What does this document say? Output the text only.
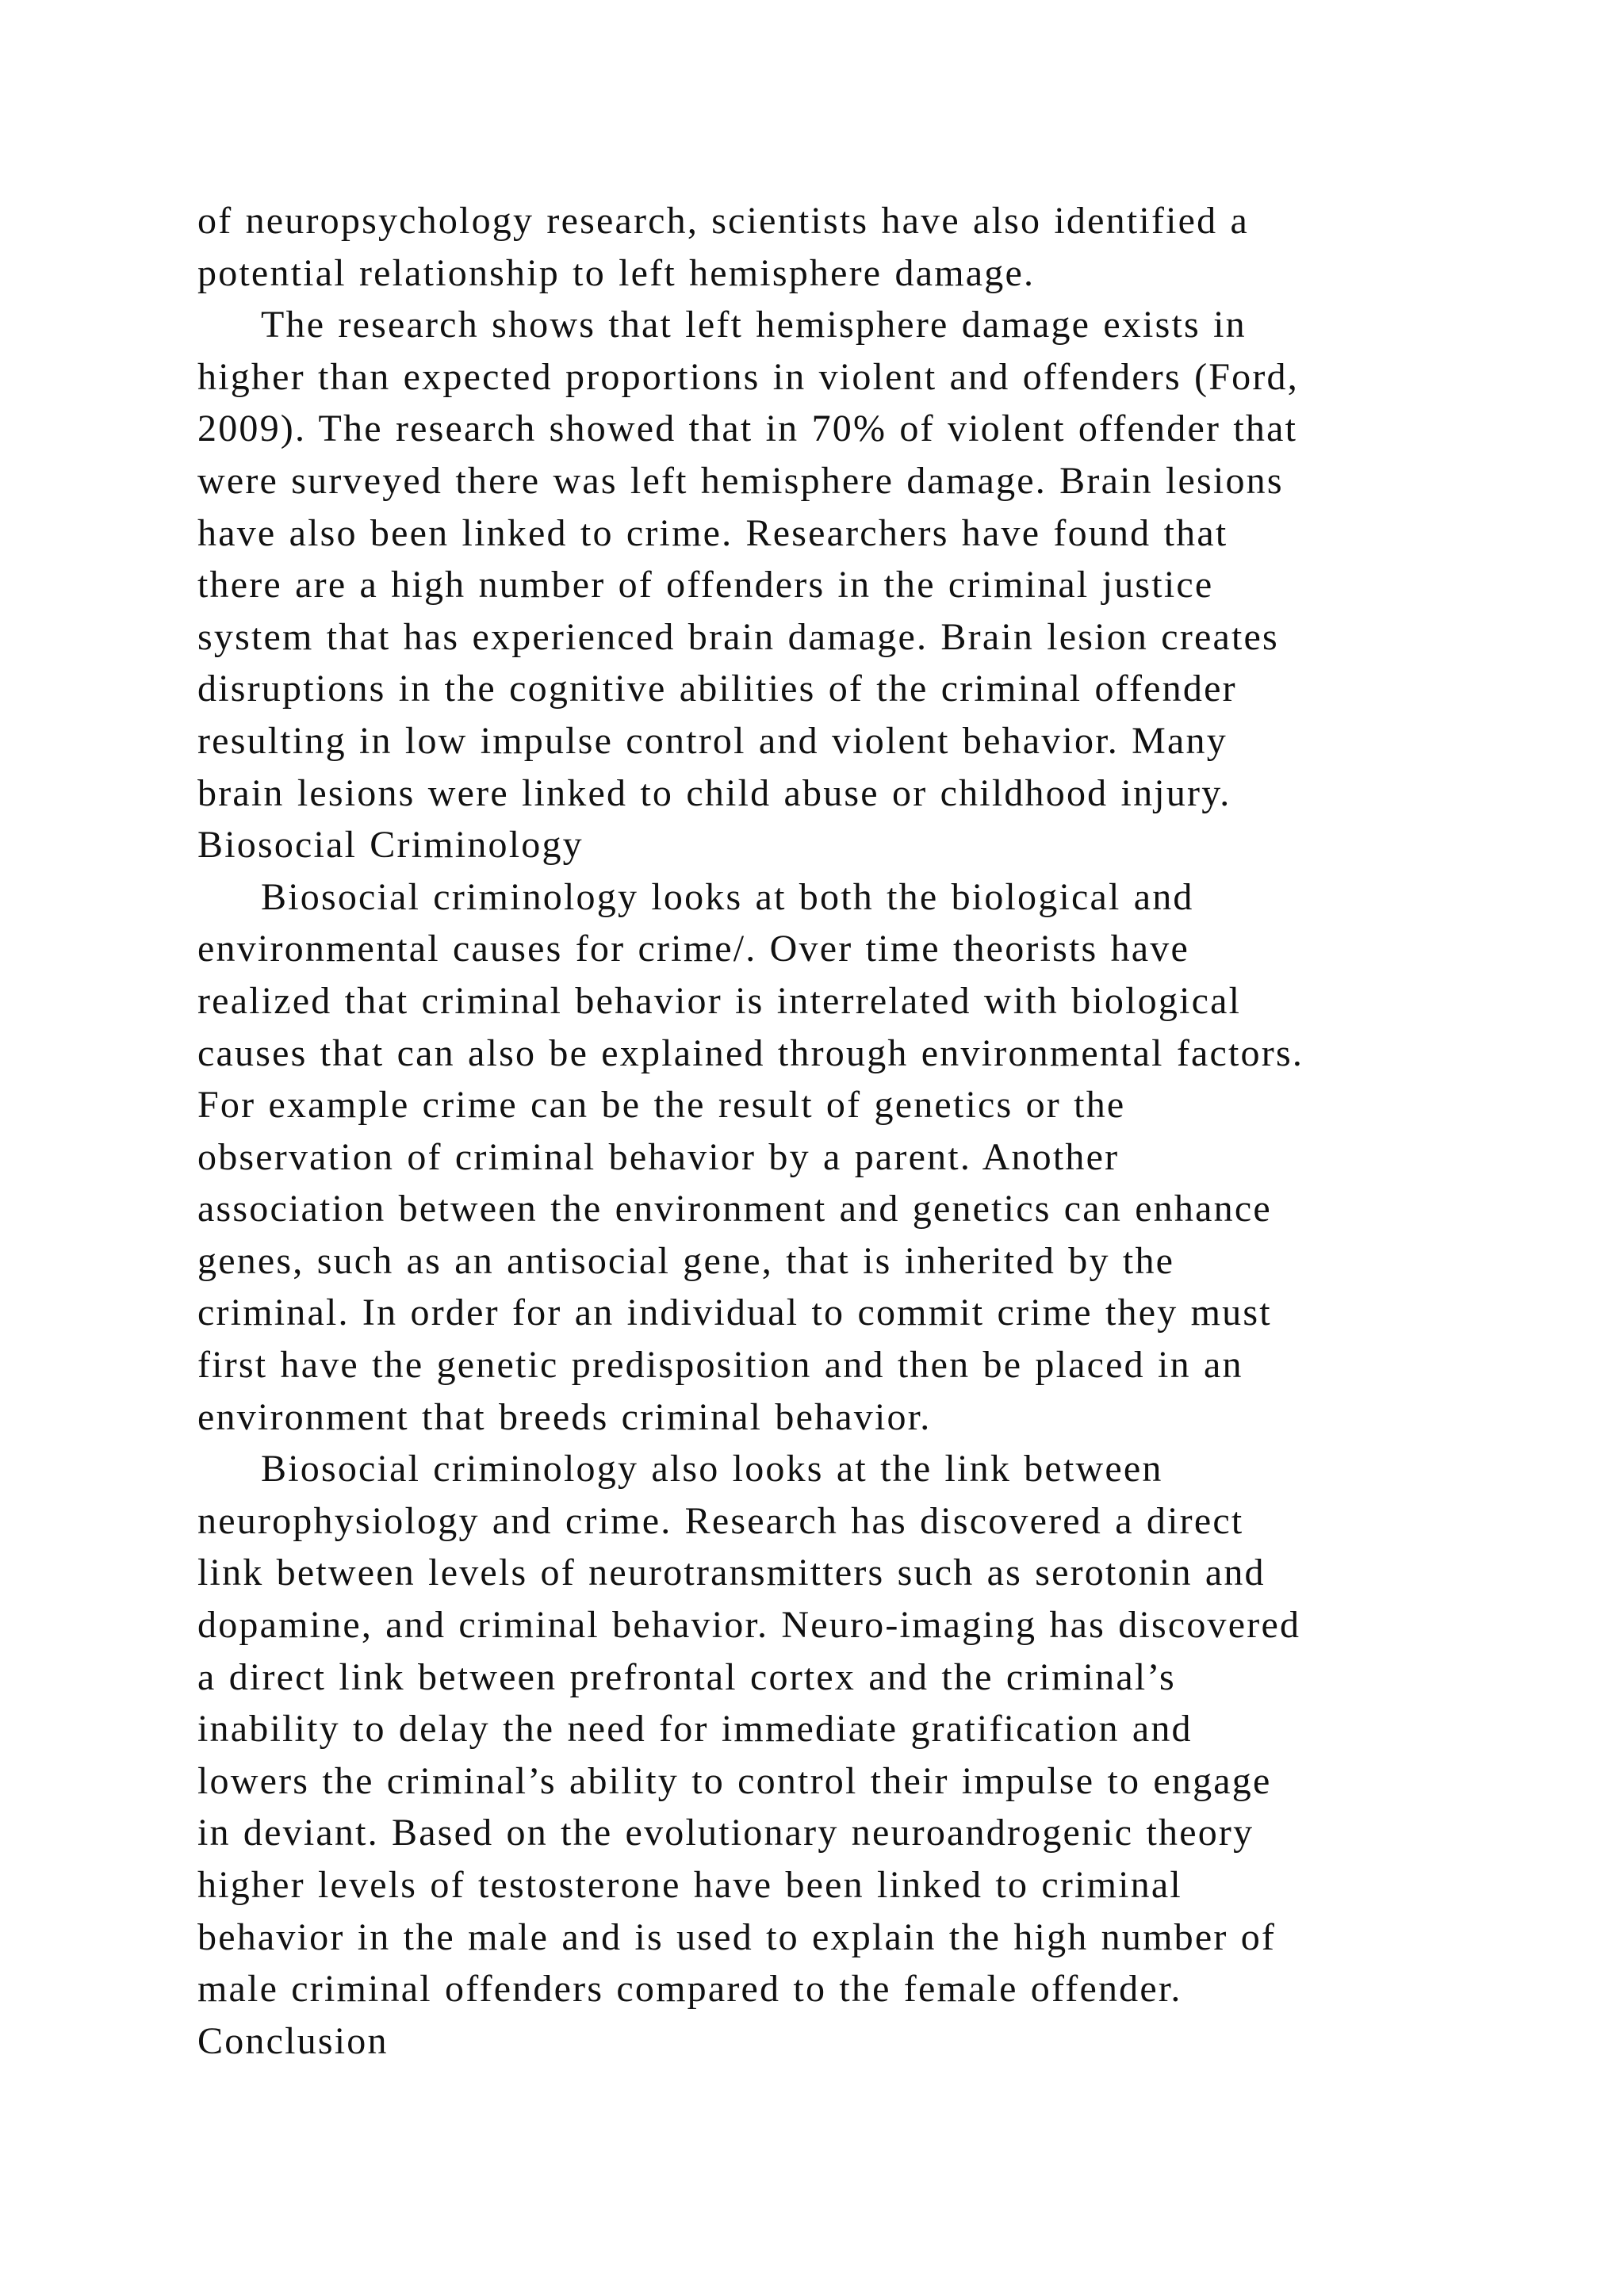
of neuropsychology research, scientists have also identified a
potential relationship to left hemisphere damage.
The research shows that left hemisphere damage exists in
higher than expected proportions in violent and offenders (Ford,
2009). The research showed that in 70% of violent offender that
were surveyed there was left hemisphere damage. Brain lesions
have also been linked to crime. Researchers have found that
there are a high number of offenders in the criminal justice
system that has experienced brain damage. Brain lesion creates
disruptions in the cognitive abilities of the criminal offender
resulting in low impulse control and violent behavior. Many
brain lesions were linked to child abuse or childhood injury.
Biosocial Criminology
Biosocial criminology looks at both the biological and
environmental causes for crime/. Over time theorists have
realized that criminal behavior is interrelated with biological
causes that can also be explained through environmental factors.
For example crime can be the result of genetics or the
observation of criminal behavior by a parent. Another
association between the environment and genetics can enhance
genes, such as an antisocial gene, that is inherited by the
criminal. In order for an individual to commit crime they must
first have the genetic predisposition and then be placed in an
environment that breeds criminal behavior.
Biosocial criminology also looks at the link between
neurophysiology and crime. Research has discovered a direct
link between levels of neurotransmitters such as serotonin and
dopamine, and criminal behavior. Neuro-imaging has discovered
a direct link between prefrontal cortex and the criminal’s
inability to delay the need for immediate gratification and
lowers the criminal’s ability to control their impulse to engage
in deviant. Based on the evolutionary neuroandrogenic theory
higher levels of testosterone have been linked to criminal
behavior in the male and is used to explain the high number of
male criminal offenders compared to the female offender.
Conclusion
